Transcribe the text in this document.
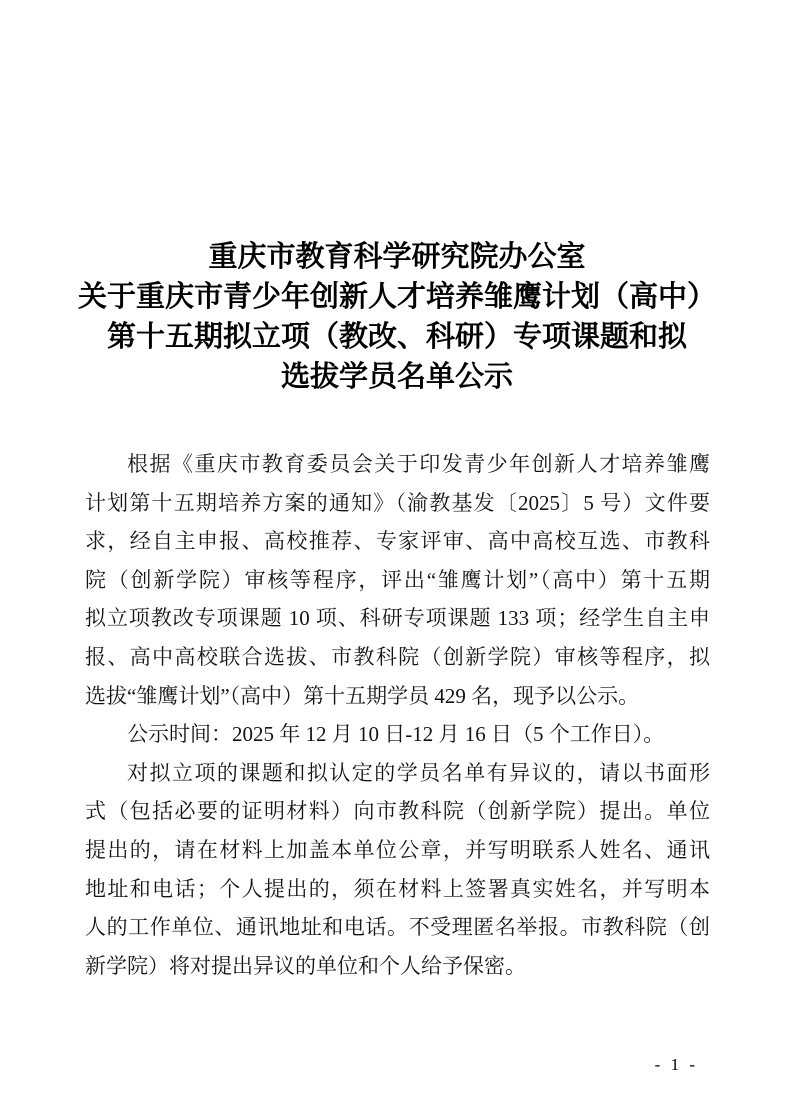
重庆市教育科学研究院办公室
关于重庆市青少年创新人才培养雏鹰计划（高中）
第十五期拟立项（教改、科研）专项课题和拟
选拔学员名单公示
根据《重庆市教育委员会关于印发青少年创新人才培养雏鹰
计划第十五期培养方案的通知》（渝教基发〔2025〕5 号）文件要
求，经自主申报、高校推荐、专家评审、高中高校互选、市教科
院（创新学院）审核等程序，评出“雏鹰计划”（高中）第十五期
拟立项教改专项课题 10 项、科研专项课题 133 项；经学生自主申
报、高中高校联合选拔、市教科院（创新学院）审核等程序，拟
选拔“雏鹰计划”（高中）第十五期学员 429 名，现予以公示。
公示时间：2025 年 12 月 10 日-12 月 16 日（5 个工作日）。
对拟立项的课题和拟认定的学员名单有异议的，请以书面形
式（包括必要的证明材料）向市教科院（创新学院）提出。单位
提出的，请在材料上加盖本单位公章，并写明联系人姓名、通讯
地址和电话；个人提出的，须在材料上签署真实姓名，并写明本
人的工作单位、通讯地址和电话。不受理匿名举报。市教科院（创
新学院）将对提出异议的单位和个人给予保密。
- 1 -
